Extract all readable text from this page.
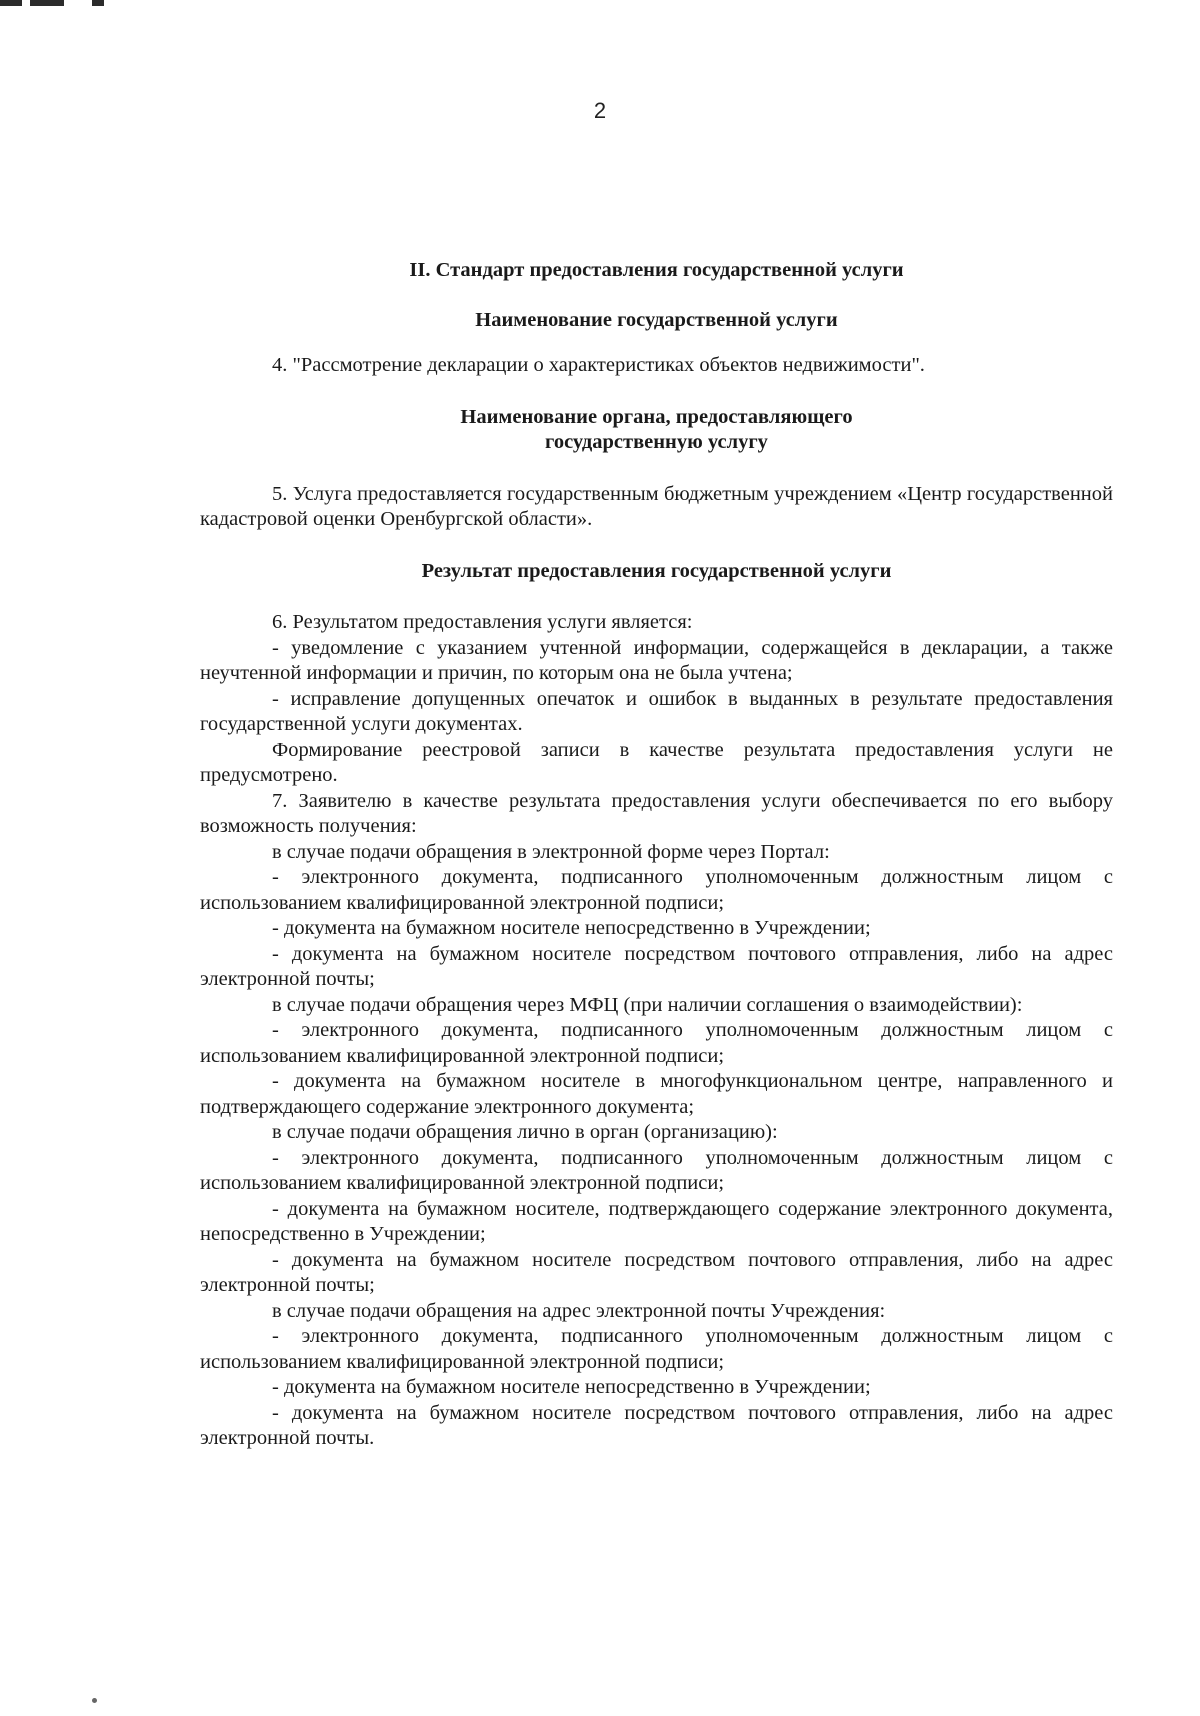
2

II. Стандарт предоставления государственной услуги

Наименование государственной услуги

4. "Рассмотрение декларации о характеристиках объектов недвижимости".

Наименование органа, предоставляющего

государственную услугу

5. Услуга предоставляется государственным бюджетным учреждением «Центр государственной кадастровой оценки Оренбургской области».

Результат предоставления государственной услуги

6. Результатом предоставления услуги является:

- уведомление с указанием учтенной информации, содержащейся в декларации, а также неучтенной информации и причин, по которым она не была учтена;

- исправление допущенных опечаток и ошибок в выданных в результате предоставления государственной услуги документах.

Формирование реестровой записи в качестве результата предоставления услуги не предусмотрено.

7. Заявителю в качестве результата предоставления услуги обеспечивается по его выбору возможность получения:

в случае подачи обращения в электронной форме через Портал:

- электронного документа, подписанного уполномоченным должностным лицом с использованием квалифицированной электронной подписи;

- документа на бумажном носителе непосредственно в Учреждении;

- документа на бумажном носителе посредством почтового отправления, либо на адрес электронной почты;

в случае подачи обращения через МФЦ (при наличии соглашения о взаимодействии):

- электронного документа, подписанного уполномоченным должностным лицом с использованием квалифицированной электронной подписи;

- документа на бумажном носителе в многофункциональном центре, направленного и подтверждающего содержание электронного документа;

в случае подачи обращения лично в орган (организацию):

- электронного документа, подписанного уполномоченным должностным лицом с использованием квалифицированной электронной подписи;

- документа на бумажном носителе, подтверждающего содержание электронного документа, непосредственно в Учреждении;

- документа на бумажном носителе посредством почтового отправления, либо на адрес электронной почты;

в случае подачи обращения на адрес электронной почты Учреждения:

- электронного документа, подписанного уполномоченным должностным лицом с использованием квалифицированной электронной подписи;

- документа на бумажном носителе непосредственно в Учреждении;

- документа на бумажном носителе посредством почтового отправления, либо на адрес электронной почты.
